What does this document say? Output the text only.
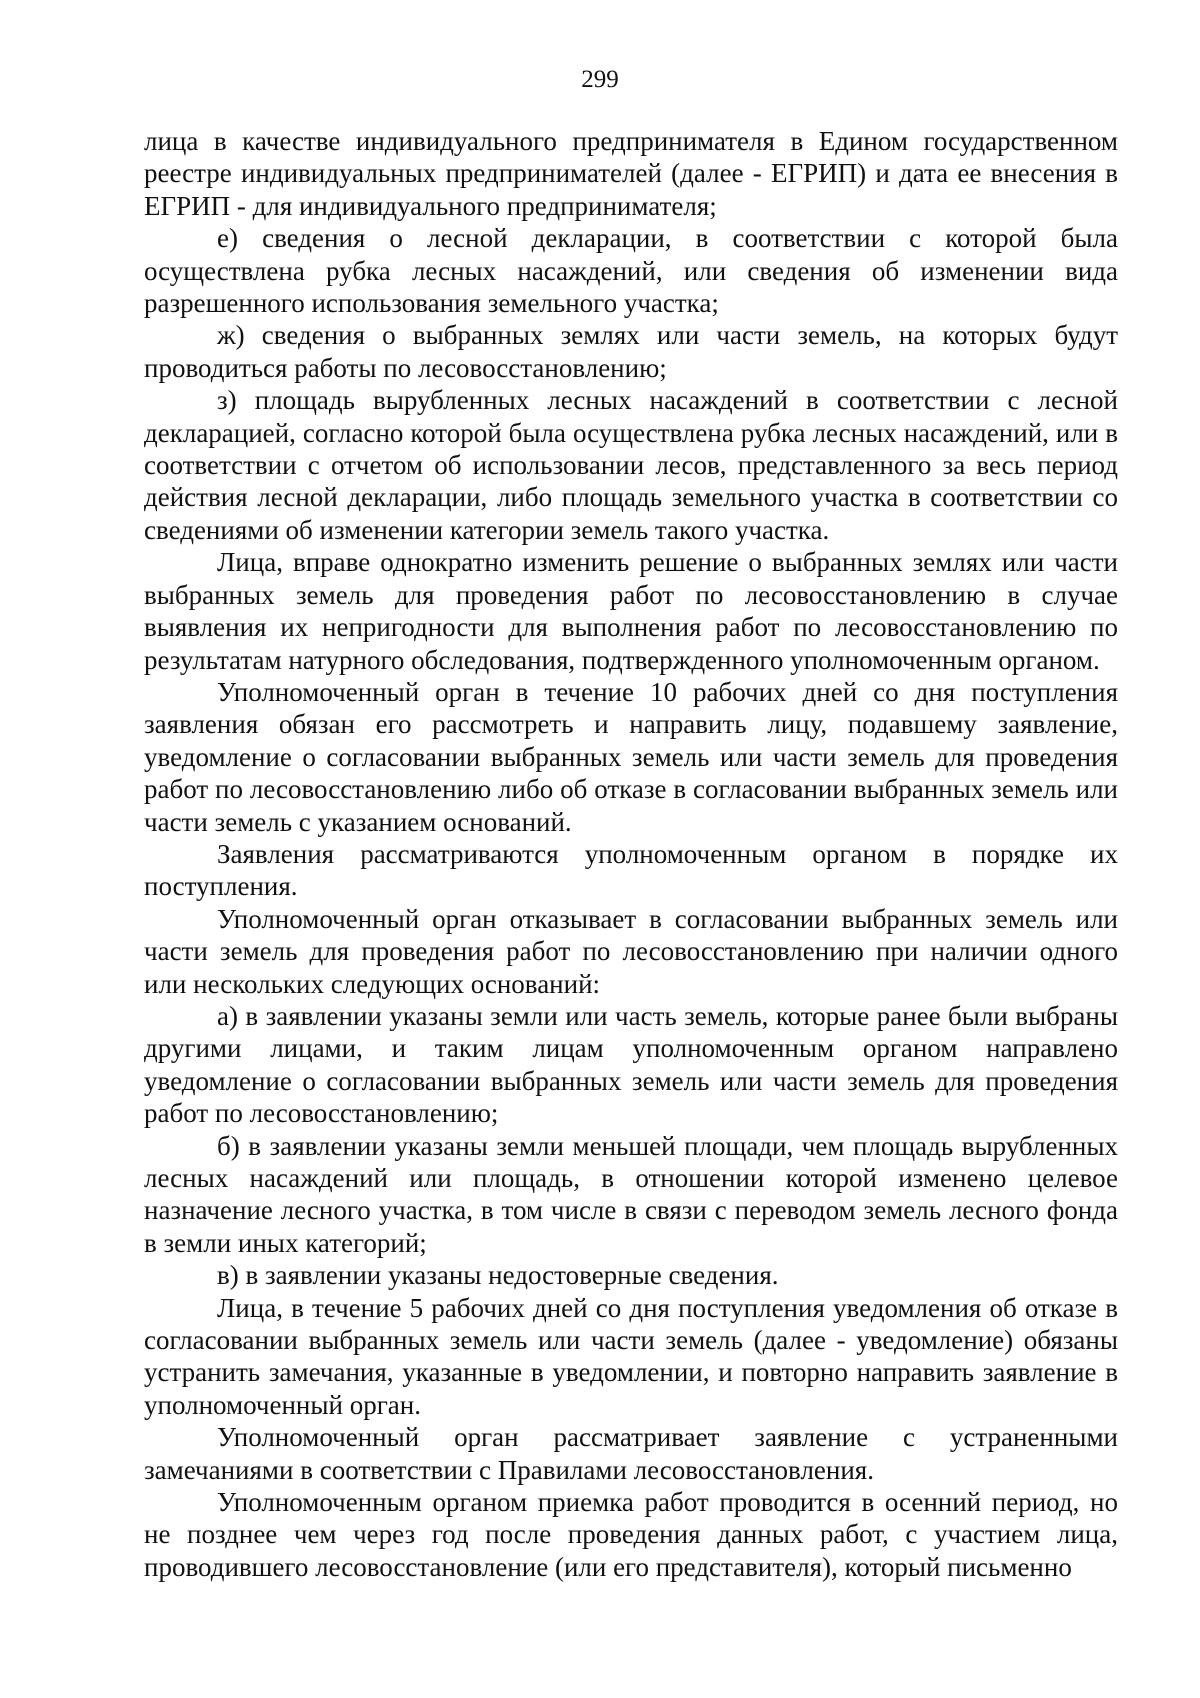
299

лица в качестве индивидуального предпринимателя в Едином государственном реестре индивидуальных предпринимателей (далее - ЕГРИП) и дата ее внесения в ЕГРИП - для индивидуального предпринимателя;

е) сведения о лесной декларации, в соответствии с которой была осуществлена рубка лесных насаждений, или сведения об изменении вида разрешенного использования земельного участка;

ж) сведения о выбранных землях или части земель, на которых будут проводиться работы по лесовосстановлению;

з) площадь вырубленных лесных насаждений в соответствии с лесной декларацией, согласно которой была осуществлена рубка лесных насаждений, или в соответствии с отчетом об использовании лесов, представленного за весь период действия лесной декларации, либо площадь земельного участка в соответствии со сведениями об изменении категории земель такого участка.

Лица, вправе однократно изменить решение о выбранных землях или части выбранных земель для проведения работ по лесовосстановлению в случае выявления их непригодности для выполнения работ по лесовосстановлению по результатам натурного обследования, подтвержденного уполномоченным органом.

Уполномоченный орган в течение 10 рабочих дней со дня поступления заявления обязан его рассмотреть и направить лицу, подавшему заявление, уведомление о согласовании выбранных земель или части земель для проведения работ по лесовосстановлению либо об отказе в согласовании выбранных земель или части земель с указанием оснований.

Заявления рассматриваются уполномоченным органом в порядке их поступления.

Уполномоченный орган отказывает в согласовании выбранных земель или части земель для проведения работ по лесовосстановлению при наличии одного или нескольких следующих оснований:

а) в заявлении указаны земли или часть земель, которые ранее были выбраны другими лицами, и таким лицам уполномоченным органом направлено уведомление о согласовании выбранных земель или части земель для проведения работ по лесовосстановлению;

б) в заявлении указаны земли меньшей площади, чем площадь вырубленных лесных насаждений или площадь, в отношении которой изменено целевое назначение лесного участка, в том числе в связи с переводом земель лесного фонда в земли иных категорий;

в) в заявлении указаны недостоверные сведения.

Лица, в течение 5 рабочих дней со дня поступления уведомления об отказе в согласовании выбранных земель или части земель (далее - уведомление) обязаны устранить замечания, указанные в уведомлении, и повторно направить заявление в уполномоченный орган.

Уполномоченный орган рассматривает заявление с устраненными замечаниями в соответствии с Правилами лесовосстановления.

Уполномоченным органом приемка работ проводится в осенний период, но не позднее чем через год после проведения данных работ, с участием лица, проводившего лесовосстановление (или его представителя), который письменно
